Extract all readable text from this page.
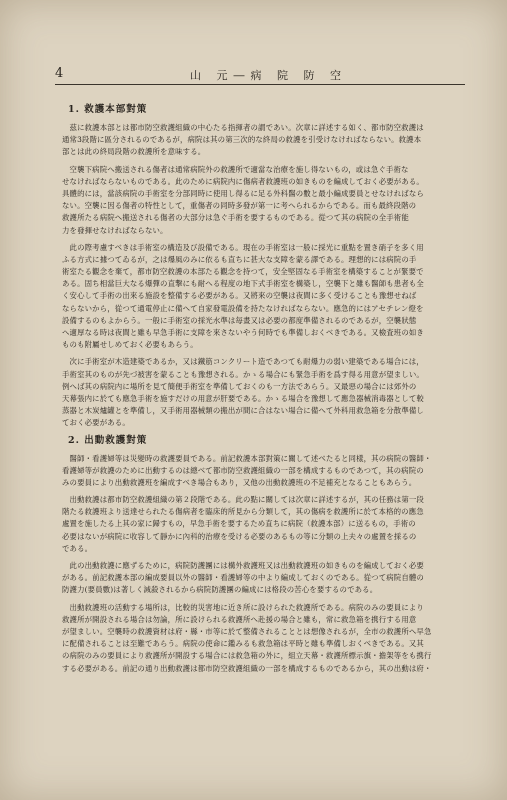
4	山 元―病 院 防 空
1. 救護本部對策
　茲に救護本部とは都市防空救護組織の中心たる指揮者の謂であい。次章に詳述する如く、都市防空救護は
通常3段階に區分されるのであるが，病院は其の第三次的な終局の救護を引受けなければならない。救護本
部とは此の終局段階の救護所を意味する。
　空襲下病院へ搬送される傷者は通常病院外の救護所で適當な治療を施し得ないもの，或は急ぐ手術な
せなければならないものである。此のために病院内に傷病者救護班の如きものを編成しておく必要がある。
具體的には，當該病院の手術室を分部同時に使用し得るに足る外科醫の數と最小編成要員とせなければなら
ない。空襲に因る傷者の特性として，重傷者の同時多發が第一に考へられるからである。而も最終段階の
救護所たる病院へ搬送される傷者の大部分は急ぐ手術を要するものである。從つて其の病院の全手術能
力を發揮せなければならない。
　此の際考慮すべきは手術室の構造及び設備である。現在の手術室は一般に採光に重點を置き硝子を多く用
ふる方式に據つてゐるが，之は爆風のみに依るも直ちに甚大な支障を蒙る譯である。理想的には病院の手
術室たる觀念を棄て，都市防空救護の本部たる觀念を持つて，安全堅固なる手術室を構築することが緊要で
ある。固ち相當巨大なる爆彈の直撃にも耐へる程度の地下式手術室を構築し，空襲下と雖も醫師も患者も全
く安心して手術の出來る施設を整備する必要がある。又將來の空襲は夜間に多く受けることも豫想せねば
ならないから，從つて通電停止に備へて自家發電設備を持たなければならない。應急的にはアセチレン燈を
設備するのもよからう。一般に手術室の採光水準は毎晝又は必要の都度準備されるのであるが，空襲狀態
へ適厚なる時は夜間と雖も早急手術に支障を來さないやう何時でも準備しおくべきである。又檢査班の如き
ものも附屬せしめておく必要もあらう。
　次に手術室が木造建築であるか，又は鐵筋コンクリート造であつても耐爆力の弱い建築である場合には，
手術室其のものが先づ被害を蒙ることも豫想される。かゝる場合にも緊急手術を爲す得る用意が望ましい。
例へば其の病院内に場所を見て簡便手術室を準備しておくのも一方法であらう。又最惡の場合には郊外の
天幕張内に於ても應急手術を施すだけの用意が肝要である。かゝる場合を豫想して應急器械消毒器として較
蒸器と木炭爐罐とを準備し，又手術用器械類の搬出が間に合はない場合に備へて外科用救急箱を分散準備し
ておく必要がある。
2. 出動救護對策
　醫師・看護婦等は災變時の救護要員である。前記救護本部對策に關して述べたると同樣，其の病院の醫師・
看護婦等が救護のために出動するのは總べて都市防空救護組織の一部を構成するものであつて，其の病院の
みの要員により出動救護班を編成すべき場合もあり，又他の出動救護班の不足補充となることもあらう。
　出動救護は都市防空救護組織の第２段階である。此の點に關しては次章に詳述するが，其の任務は第一段
階たる救護班より送達せられたる傷病者を臨床的所見から分類して，其の傷病を救護所に於て本格的の應急
處置を施したる上其の家に歸すもの，早急手術を要するため直ちに病院（救護本部）に送るもの，手術の
必要はないが病院に收容して靜かに內科的治療を受ける必要のあるもの等に分類の上夫々の處置を採るの
である。
　此の出動救護に應ずるために，病院防護團には構外救護班又は出動救護班の如きものを編成しておく必要
がある。前記救護本部の編成要員以外の醫師・看護婦等の中より編成しておくのである。從つて病院自體の
防護力(要員數)は著しく減殺されるから病院防護團の編成には格段の苦心を要するのである。
　出動救護班の活動する場所は，比較的災害地に近き所に設けられた救護所である。病院のみの要員により
救護所が開設される場合は勿論，所に設けられる救護所へ赴援の場合と雖も，常に救急箱を携行する用意
が望ましい。空襲時の救護資材は府・縣・市等に於て整備されることとは想像されるが，全市の救護所へ早急
に配備されることは至難であらう。病院の使命に鑑みるも救急箱は平時と雖も準備しおくべきである。又其
の病院のみの要員により救護所が開設する場合には救急箱の外に，組立天幕・救護所標示旗・擔架等をも携行
する必要がある。前記の通り出動救護は都市防空救護組織の一部を構成するものであるから，其の出動は府・
